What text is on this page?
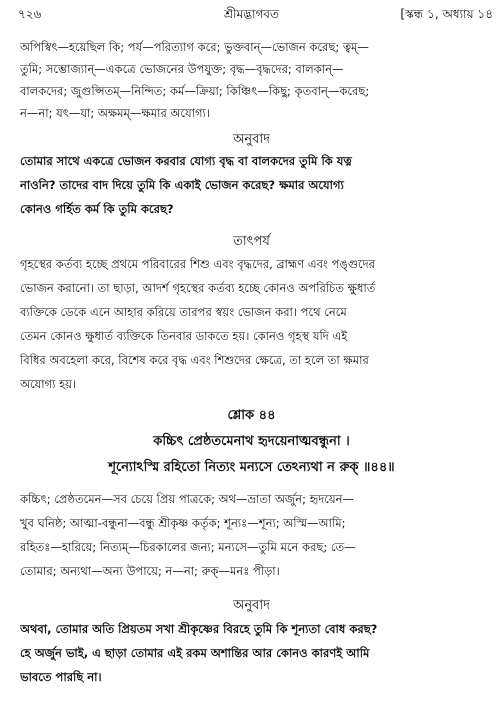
৭২৬	শ্রীমদ্ভাগবত	[স্কন্ধ ১, অধ্যায় ১৪
অপিস্বিৎ—হয়েছিল কি; পর্য—পরিত্যাগ করে; ভুক্তবান্‌—ভোজন করেছ; ত্বম্‌—
তুমি; সম্ভোজ্যান্‌—একত্রে ভোজনের উপযুক্ত; বৃদ্ধ—বৃদ্ধদের; বালকান্‌—
বালকদের; জুগুপ্সিতম্‌—নিন্দিত; কর্ম—ক্রিয়া; কিঞ্চিৎ—কিছু; কৃতবান্‌—করেছ;
ন—না; যৎ—যা; অক্ষমম্‌—ক্ষমার অযোগ্য।
অনুবাদ
তোমার সাথে একত্রে ভোজন করবার যোগ্য বৃদ্ধ বা বালকদের তুমি কি যত্ন
নাওনি? তাদের বাদ দিয়ে তুমি কি একাই ভোজন করেছ? ক্ষমার অযোগ্য
কোনও গর্হিত কর্ম কি তুমি করেছ?
তাৎপর্য
গৃহস্থের কর্তব্য হচ্ছে প্রথমে পরিবারের শিশু এবং বৃদ্ধদের, ব্রাহ্মণ এবং পঙ্গুদের
ভোজন করানো। তা ছাড়া, আদর্শ গৃহস্থের কর্তব্য হচ্ছে কোনও অপরিচিত ক্ষুধার্ত
ব্যক্তিকে ডেকে এনে আহার করিয়ে তারপর স্বয়ং ভোজন করা। পথে নেমে
তেমন কোনও ক্ষুধার্ত ব্যক্তিকে তিনবার ডাকতে হয়। কোনও গৃহস্থ যদি এই
বিধির অবহেলা করে, বিশেষ করে বৃদ্ধ এবং শিশুদের ক্ষেত্রে, তা হলে তা ক্ষমার
অযোগ্য হয়।
শ্লোক ৪৪
কচ্চিৎ প্রেষ্ঠতমেনাথ হৃদয়েনাত্মবন্ধুনা ।
শূন্যোঽস্মি রহিতো নিত্যং মন্যসে তেঽন্যথা ন রুক্‌ ॥৪৪॥
কচ্চিৎ; প্রেষ্ঠতমেন—সব চেয়ে প্রিয় পাত্রকে; অথ—ভ্রাতা অর্জুন; হৃদয়েন—
খুব ঘনিষ্ঠ; আত্মা-বন্ধুনা—বন্ধু শ্রীকৃষ্ণ কর্তৃক; শূন্যঃ—শূন্য; অস্মি—আমি;
রহিতঃ—হারিয়ে; নিত্যম্‌—চিরকালের জন্য; মন্যসে—তুমি মনে করছ; তে—
তোমার; অন্যথা—অন্য উপায়ে; ন—না; রুক্‌—মনঃ পীড়া।
অনুবাদ
অথবা, তোমার অতি প্রিয়তম সখা শ্রীকৃষ্ণের বিরহে তুমি কি শূন্যতা বোধ করছ?
হে অর্জুন ভাই, এ ছাড়া তোমার এই রকম অশান্তির আর কোনও কারণই আমি
ভাবতে পারছি না।
